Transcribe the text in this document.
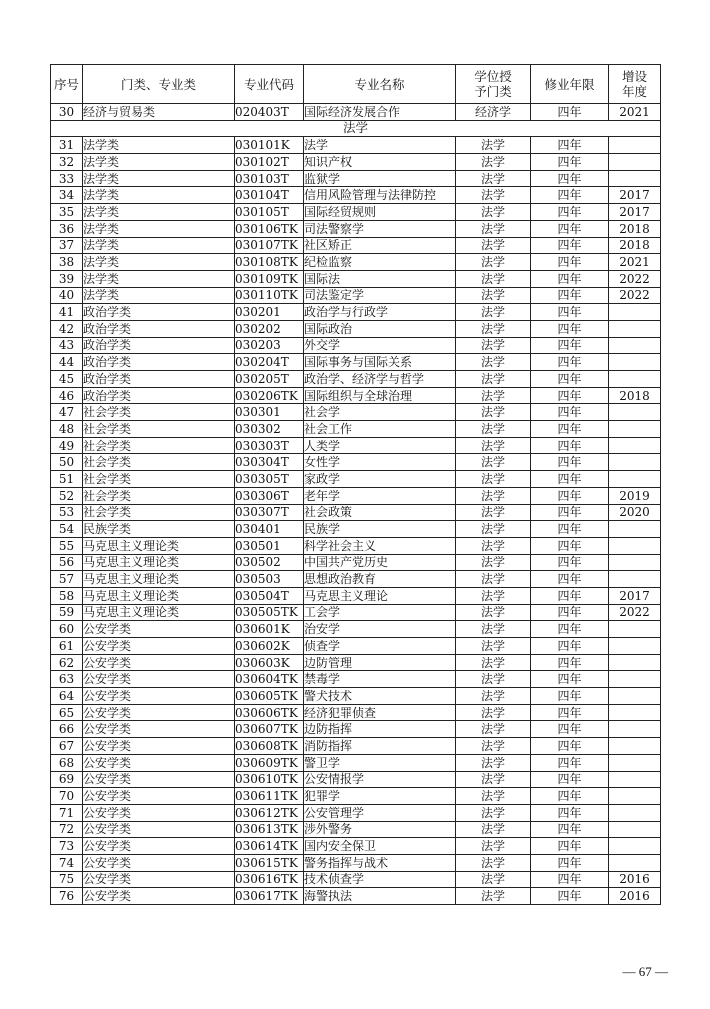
序号	门类、专业类	专业代码	专业名称	学位授予门类	修业年限	增设年度
30	经济与贸易类	020403T	国际经济发展合作	经济学	四年	2021
法学						
31	法学类	030101K	法学	法学	四年	
32	法学类	030102T	知识产权	法学	四年	
33	法学类	030103T	监狱学	法学	四年	
34	法学类	030104T	信用风险管理与法律防控	法学	四年	2017
35	法学类	030105T	国际经贸规则	法学	四年	2017
36	法学类	030106TK	司法警察学	法学	四年	2018
37	法学类	030107TK	社区矫正	法学	四年	2018
38	法学类	030108TK	纪检监察	法学	四年	2021
39	法学类	030109TK	国际法	法学	四年	2022
40	法学类	030110TK	司法鉴定学	法学	四年	2022
41	政治学类	030201	政治学与行政学	法学	四年	
42	政治学类	030202	国际政治	法学	四年	
43	政治学类	030203	外交学	法学	四年	
44	政治学类	030204T	国际事务与国际关系	法学	四年	
45	政治学类	030205T	政治学、经济学与哲学	法学	四年	
46	政治学类	030206TK	国际组织与全球治理	法学	四年	2018
47	社会学类	030301	社会学	法学	四年	
48	社会学类	030302	社会工作	法学	四年	
49	社会学类	030303T	人类学	法学	四年	
50	社会学类	030304T	女性学	法学	四年	
51	社会学类	030305T	家政学	法学	四年	
52	社会学类	030306T	老年学	法学	四年	2019
53	社会学类	030307T	社会政策	法学	四年	2020
54	民族学类	030401	民族学	法学	四年	
55	马克思主义理论类	030501	科学社会主义	法学	四年	
56	马克思主义理论类	030502	中国共产党历史	法学	四年	
57	马克思主义理论类	030503	思想政治教育	法学	四年	
58	马克思主义理论类	030504T	马克思主义理论	法学	四年	2017
59	马克思主义理论类	030505TK	工会学	法学	四年	2022
60	公安学类	030601K	治安学	法学	四年	
61	公安学类	030602K	侦查学	法学	四年	
62	公安学类	030603K	边防管理	法学	四年	
63	公安学类	030604TK	禁毒学	法学	四年	
64	公安学类	030605TK	警犬技术	法学	四年	
65	公安学类	030606TK	经济犯罪侦查	法学	四年	
66	公安学类	030607TK	边防指挥	法学	四年	
67	公安学类	030608TK	消防指挥	法学	四年	
68	公安学类	030609TK	警卫学	法学	四年	
69	公安学类	030610TK	公安情报学	法学	四年	
70	公安学类	030611TK	犯罪学	法学	四年	
71	公安学类	030612TK	公安管理学	法学	四年	
72	公安学类	030613TK	涉外警务	法学	四年	
73	公安学类	030614TK	国内安全保卫	法学	四年	
74	公安学类	030615TK	警务指挥与战术	法学	四年	
75	公安学类	030616TK	技术侦查学	法学	四年	2016
76	公安学类	030617TK	海警执法	法学	四年	2016
— 67 —
